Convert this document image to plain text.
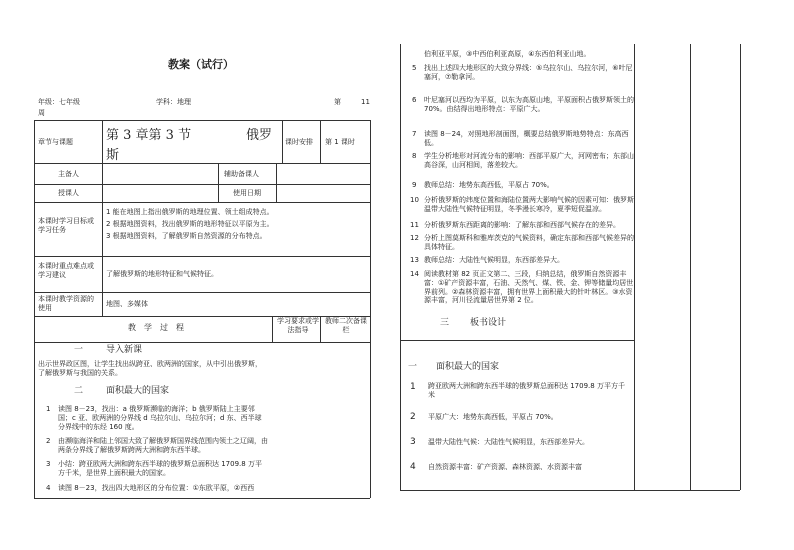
教案（试行）
年级：七年级	学科：地理	第	11
周
章节与课题	第 3 章第 3 节	俄罗
斯
课时安排 第 1 课时
主备人	辅助备课人
授课人	使用日期
本课时学习目标或学习任务
1 能在地图上指出俄罗斯的地理位置、领土组成特点。
2 根据地图资料，找出俄罗斯的地形特征以平原为主。
3 根据地图资料，了解俄罗斯自然资源的分布特点。
本课时重点难点或学习建议	了解俄罗斯的地形特征和气候特征。
本课时教学资源的使用	地图、多媒体
教　学　过　程
学习要求或学法指导
教师二次备课栏
一	导入新课
出示世界政区图，让学生找出纵跨亚、欧两洲的国家，从中引出俄罗斯，了解俄罗斯与我国的关系。
二	面积最大的国家
1 读图 8－23，找出：a 俄罗斯濒临的海洋；b 俄罗斯陆上主要邻国；c 亚、欧两洲的分界线 d 乌拉尔山、乌拉尔河；d 东、西半球分界线中的东经 160 度。
2 由濒临海洋和陆上邻国大致了解俄罗斯国界线范围内领土之辽阔，由两条分界线了解俄罗斯跨两大洲和跨东西半球。
3 小结：跨亚欧两大洲和跨东西半球的俄罗斯总面积达 1709.8 万平方千米，是世界上面积最大的国家。
4 读图 8－23，找出四大地形区的分布位置：①东欧平原，②西西
伯利亚平原，③中西伯利亚高原，④东西伯利亚山地。
5 找出上述四大地形区的大致分界线：⑤乌拉尔山、乌拉尔河，⑥叶尼塞河，⑦勒拿河。
6 叶尼塞河以西均为平原，以东为高原山地，平原面积占俄罗斯领土的 70%。由结得出地形特点：平原广大。
7 读图 8－24，对照地形剖面图，概要总结俄罗斯地势特点：东高西低。
8 学生分析地形对河流分布的影响：西部平原广大，河网密布；东部山高谷深，山河相间，落差较大。
9 教师总结：地势东高西低，平原占 70%。
10 分析俄罗斯的纬度位置和海陆位置两大影响气候的因素可知：俄罗斯温带大陆性气候特征明显，冬季漫长寒冷，夏季短促温凉。
11 分析俄罗斯东西距离的影响：了解东部和西部气候存在的差异。
12 分析上图莫斯科和雅库茨克的气候资料，确定东部和西部气候差异的具体特征。
13 教师总结：大陆性气候明显，东西部差异大。
14 阅读教材第 82 页正文第二、三段，归纳总结，俄罗斯自然资源丰富：①矿产资源丰富，石油、天然气、煤、铁、金、钾等储量均居世界前列。②森林资源丰富，拥有世界上面积最大的针叶林区。③水资源丰富，河川径流量居世界第 2 位。
三 板书设计
一 面积最大的国家
1 跨亚欧两大洲和跨东西半球的俄罗斯总面积达 1709.8 万平方千米
2 平原广大：地势东高西低，平原占 70%。
3 温带大陆性气候：大陆性气候明显，东西部差异大。
4 自然资源丰富：矿产资源、森林资源、水资源丰富
